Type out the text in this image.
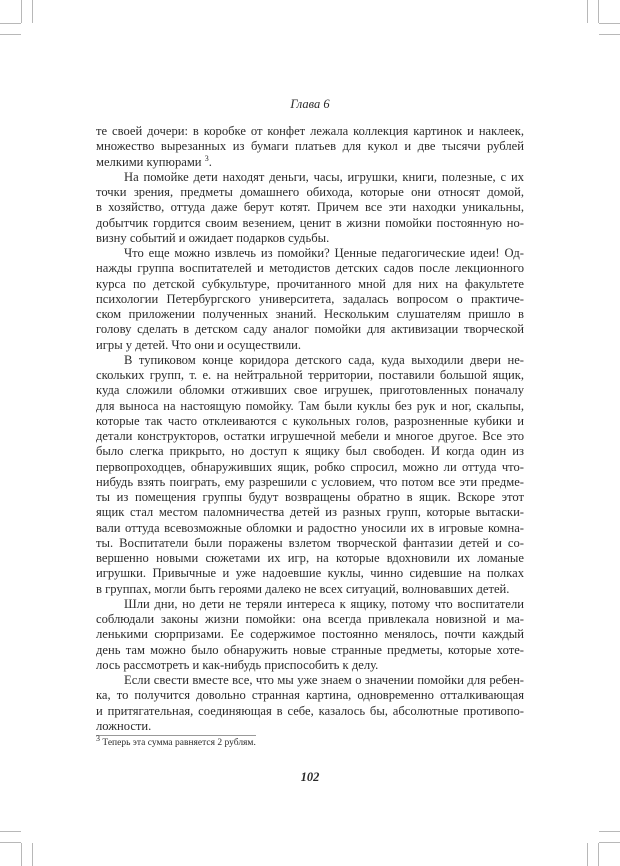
Глава 6
те своей дочери: в коробке от конфет лежала коллекция картинок и наклеек,
множество вырезанных из бумаги платьев для кукол и две тысячи рублей
мелкими купюрами $^3$.
На помойке дети находят деньги, часы, игрушки, книги, полезные, с их
точки зрения, предметы домашнего обихода, которые они относят домой,
в хозяйство, оттуда даже берут котят. Причем все эти находки уникальны,
добытчик гордится своим везением, ценит в жизни помойки постоянную но-
визну событий и ожидает подарков судьбы.
Что еще можно извлечь из помойки? Ценные педагогические идеи! Од-
нажды группа воспитателей и методистов детских садов после лекционного
курса по детской субкультуре, прочитанного мной для них на факультете
психологии Петербургского университета, задалась вопросом о практиче-
ском приложении полученных знаний. Нескольким слушателям пришло в
голову сделать в детском саду аналог помойки для активизации творческой
игры у детей. Что они и осуществили.
В тупиковом конце коридора детского сада, куда выходили двери не-
скольких групп, т. е. на нейтральной территории, поставили большой ящик,
куда сложили обломки отживших свое игрушек, приготовленных поначалу
для выноса на настоящую помойку. Там были куклы без рук и ног, скальпы,
которые так часто отклеиваются с кукольных голов, разрозненные кубики и
детали конструкторов, остатки игрушечной мебели и многое другое. Все это
было слегка прикрыто, но доступ к ящику был свободен. И когда один из
первопроходцев, обнаруживших ящик, робко спросил, можно ли оттуда что-
нибудь взять поиграть, ему разрешили с условием, что потом все эти предме-
ты из помещения группы будут возвращены обратно в ящик. Вскоре этот
ящик стал местом паломничества детей из разных групп, которые вытаски-
вали оттуда всевозможные обломки и радостно уносили их в игровые комна-
ты. Воспитатели были поражены взлетом творческой фантазии детей и со-
вершенно новыми сюжетами их игр, на которые вдохновили их ломаные
игрушки. Привычные и уже надоевшие куклы, чинно сидевшие на полках
в группах, могли быть героями далеко не всех ситуаций, волновавших детей.
Шли дни, но дети не теряли интереса к ящику, потому что воспитатели
соблюдали законы жизни помойки: она всегда привлекала новизной и ма-
ленькими сюрпризами. Ее содержимое постоянно менялось, почти каждый
день там можно было обнаружить новые странные предметы, которые хоте-
лось рассмотреть и как-нибудь приспособить к делу.
Если свести вместе все, что мы уже знаем о значении помойки для ребен-
ка, то получится довольно странная картина, одновременно отталкивающая
и притягательная, соединяющая в себе, казалось бы, абсолютные противопо-
ложности.
$^3$ Теперь эта сумма равняется 2 рублям.
102
